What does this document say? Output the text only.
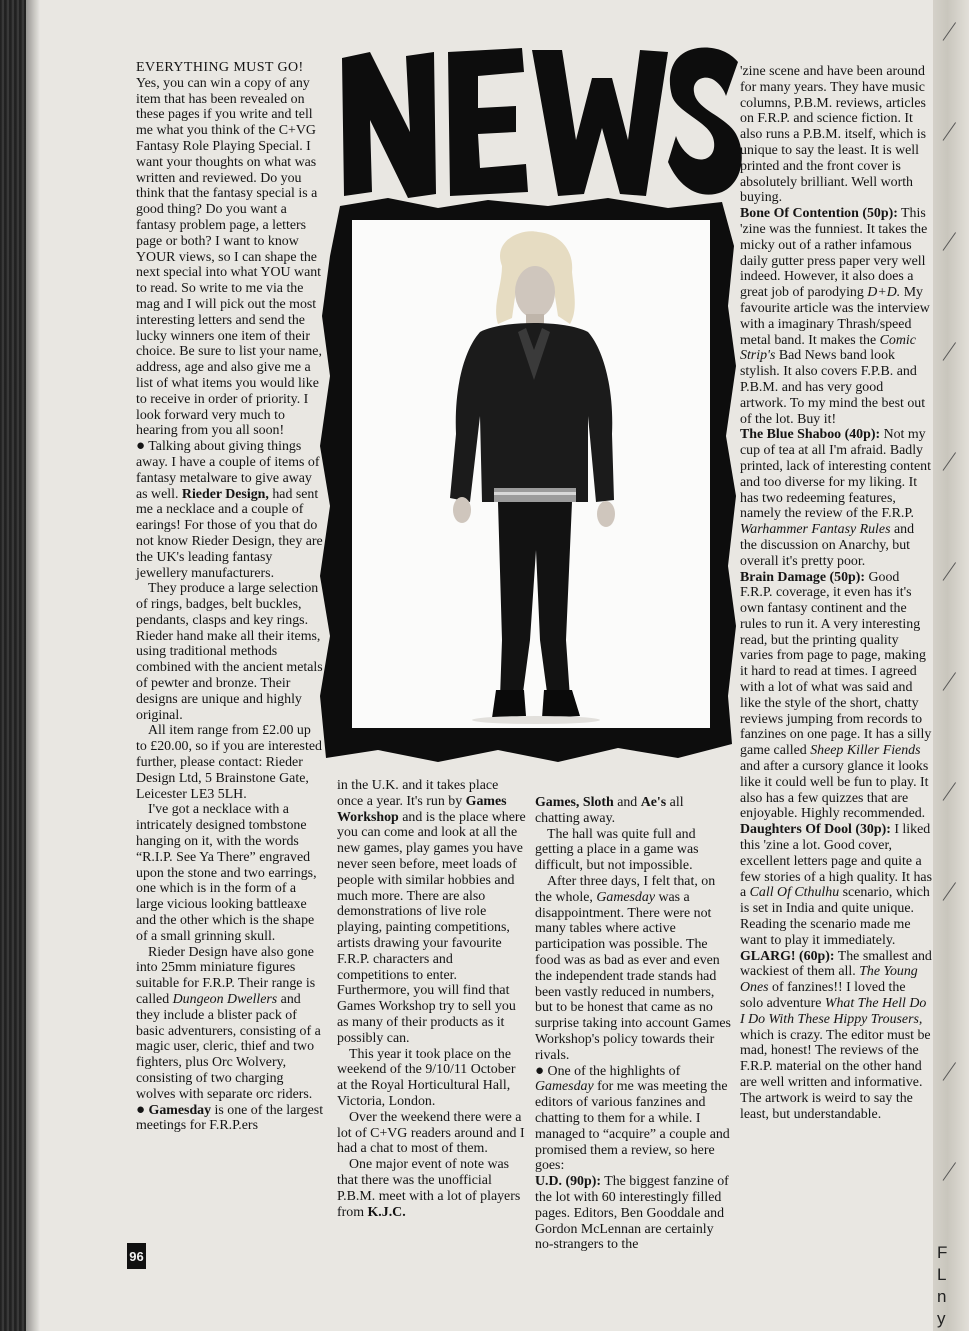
F
L
n
y

EVERYTHING MUST GO!

Yes, you can win a copy of any item that has been revealed on these pages if you write and tell me what you think of the C+VG Fantasy Role Playing Special. I want your thoughts on what was written and reviewed. Do you think that the fantasy special is a good thing? Do you want a fantasy problem page, a letters page or both? I want to know YOUR views, so I can shape the next special into what YOU want to read. So write to me via the mag and I will pick out the most interesting letters and send the lucky winners one item of their choice. Be sure to list your name, address, age and also give me a list of what items you would like to receive in order of priority. I look forward very much to hearing from you all soon!

● Talking about giving things away. I have a couple of items of fantasy metalware to give away as well. Rieder Design, had sent me a necklace and a couple of earings! For those of you that do not know Rieder Design, they are the UK's leading fantasy jewellery manufacturers.

They produce a large selection of rings, badges, belt buckles, pendants, clasps and key rings. Rieder hand make all their items, using traditional methods combined with the ancient metals of pewter and bronze. Their designs are unique and highly original.

All item range from £2.00 up to £20.00, so if you are interested further, please contact: Rieder Design Ltd, 5 Brainstone Gate, Leicester LE3 5LH.

I've got a necklace with a intricately designed tombstone hanging on it, with the words “R.I.P. See Ya There” engraved upon the stone and two earrings, one which is in the form of a large vicious looking battleaxe and the other which is the shape of a small grinning skull.

Rieder Design have also gone into 25mm miniature figures suitable for F.R.P. Their range is called Dungeon Dwellers and they include a blister pack of basic adventurers, consisting of a magic user, cleric, thief and two fighters, plus Orc Wolvery, consisting of two charging wolves with separate orc riders.

● Gamesday is one of the largest meetings for F.R.P.ers

in the U.K. and it takes place once a year. It's run by Games Workshop and is the place where you can come and look at all the new games, play games you have never seen before, meet loads of people with similar hobbies and much more. There are also demonstrations of live role playing, painting competitions, artists drawing your favourite F.R.P. characters and competitions to enter. Furthermore, you will find that Games Workshop try to sell you as many of their products as it possibly can.

This year it took place on the weekend of the 9/10/11 October at the Royal Horticultural Hall, Victoria, London.

Over the weekend there were a lot of C+VG readers around and I had a chat to most of them.

One major event of note was that there was the unofficial P.B.M. meet with a lot of players from K.J.C.

Games, Sloth and Ae's all chatting away.

The hall was quite full and getting a place in a game was difficult, but not impossible.

After three days, I felt that, on the whole, Gamesday was a disappointment. There were not many tables where active participation was possible. The food was as bad as ever and even the independent trade stands had been vastly reduced in numbers, but to be honest that came as no surprise taking into account Games Workshop's policy towards their rivals.

● One of the highlights of Gamesday for me was meeting the editors of various fanzines and chatting to them for a while. I managed to “acquire” a couple and promised them a review, so here goes:

U.D. (90p): The biggest fanzine of the lot with 60 interestingly filled pages. Editors, Ben Gooddale and Gordon McLennan are certainly no-strangers to the

'zine scene and have been around for many years. They have music columns, P.B.M. reviews, articles on F.R.P. and science fiction. It also runs a P.B.M. itself, which is unique to say the least. It is well printed and the front cover is absolutely brilliant. Well worth buying.

Bone Of Contention (50p): This 'zine was the funniest. It takes the micky out of a rather infamous daily gutter press paper very well indeed. However, it also does a great job of parodying D+D. My favourite article was the interview with a imaginary Thrash/speed metal band. It makes the Comic Strip's Bad News band look stylish. It also covers F.P.B. and P.B.M. and has very good artwork. To my mind the best out of the lot. Buy it!

The Blue Shaboo (40p): Not my cup of tea at all I'm afraid. Badly printed, lack of interesting content and too diverse for my liking. It has two redeeming features, namely the review of the F.R.P. Warhammer Fantasy Rules and the discussion on Anarchy, but overall it's pretty poor.

Brain Damage (50p): Good F.R.P. coverage, it even has it's own fantasy continent and the rules to run it. A very interesting read, but the printing quality varies from page to page, making it hard to read at times. I agreed with a lot of what was said and like the style of the short, chatty reviews jumping from records to fanzines on one page. It has a silly game called Sheep Killer Fiends and after a cursory glance it looks like it could well be fun to play. It also has a few quizzes that are enjoyable. Highly recommended.

Daughters Of Dool (30p): I liked this 'zine a lot. Good cover, excellent letters page and quite a few stories of a high quality. It has a Call Of Cthulhu scenario, which is set in India and quite unique. Reading the scenario made me want to play it immediately.

GLARG! (60p): The smallest and wackiest of them all. The Young Ones of fanzines!! I loved the solo adventure What The Hell Do I Do With These Hippy Trousers, which is crazy. The editor must be mad, honest! The reviews of the F.R.P. material on the other hand are well written and informative. The artwork is weird to say the least, but understandable.

96
